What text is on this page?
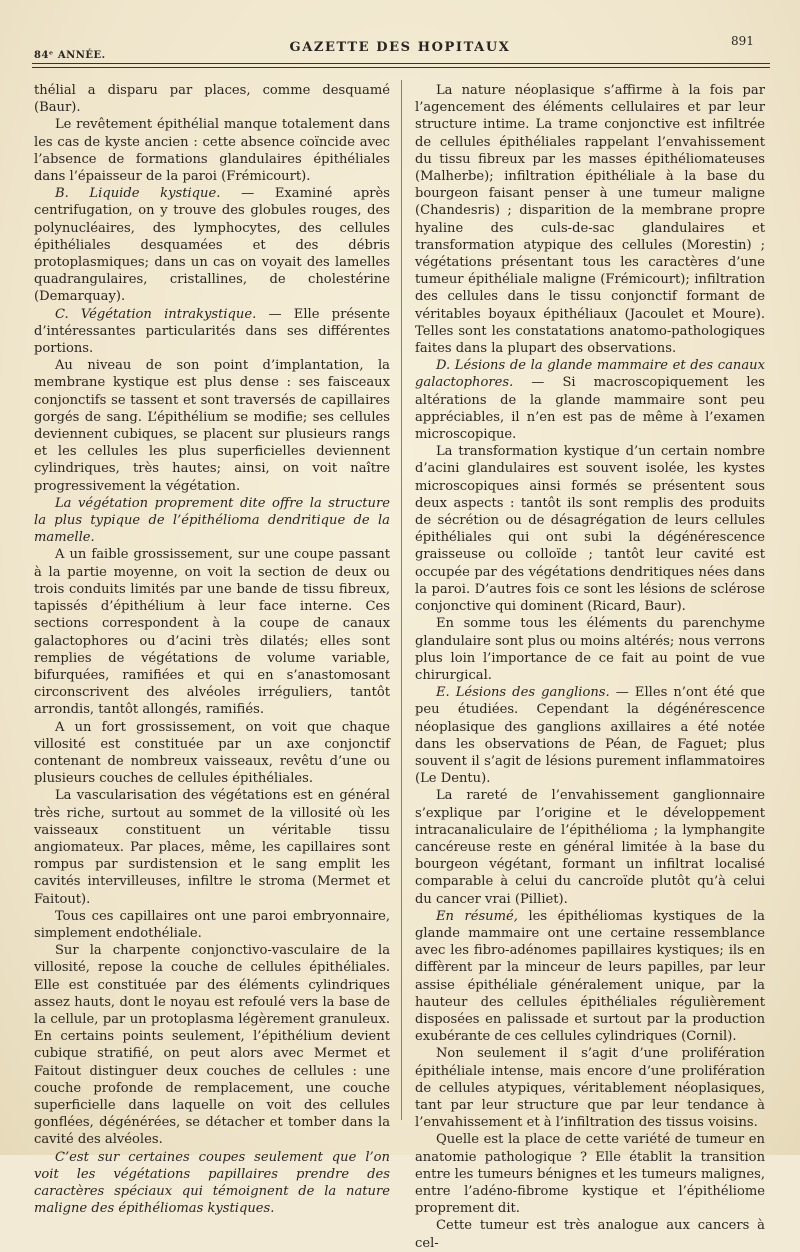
84ᵉ ANNÉE.
GAZETTE DES HOPITAUX	891

thélial a disparu par places, comme desquamé (Baur).

Le revêtement épithélial manque totalement dans les cas de kyste ancien : cette absence coïncide avec l’absence de formations glandulaires épithéliales dans l’épaisseur de la paroi (Frémicourt).

B. Liquide kystique. — Examiné après centrifugation, on y trouve des globules rouges, des polynucléaires, des lymphocytes, des cellules épithéliales desquamées et des débris protoplasmiques; dans un cas on voyait des lamelles quadrangulaires, cristallines, de cholestérine (Demarquay).

C. Végétation intrakystique. — Elle présente d’intéressantes particularités dans ses différentes portions.

Au niveau de son point d’implantation, la membrane kystique est plus dense : ses faisceaux conjonctifs se tassent et sont traversés de capillaires gorgés de sang. L’épithélium se modifie; ses cellules deviennent cubiques, se placent sur plusieurs rangs et les cellules les plus superficielles deviennent cylindriques, très hautes; ainsi, on voit naître progressivement la végétation.

La végétation proprement dite offre la structure la plus typique de l’épithélioma dendritique de la mamelle.

A un faible grossissement, sur une coupe passant à la partie moyenne, on voit la section de deux ou trois conduits limités par une bande de tissu fibreux, tapissés d’épithélium à leur face interne. Ces sections correspondent à la coupe de canaux galactophores ou d’acini très dilatés; elles sont remplies de végétations de volume variable, bifurquées, ramifiées et qui en s’anastomosant circonscrivent des alvéoles irréguliers, tantôt arrondis, tantôt allongés, ramifiés.

A un fort grossissement, on voit que chaque villosité est constituée par un axe conjonctif contenant de nombreux vaisseaux, revêtu d’une ou plusieurs couches de cellules épithéliales.

La vascularisation des végétations est en général très riche, surtout au sommet de la villosité où les vaisseaux constituent un véritable tissu angiomateux. Par places, même, les capillaires sont rompus par surdistension et le sang emplit les cavités intervilleuses, infiltre le stroma (Mermet et Faitout).

Tous ces capillaires ont une paroi embryonnaire, simplement endothéliale.

Sur la charpente conjonctivo-vasculaire de la villosité, repose la couche de cellules épithéliales. Elle est constituée par des éléments cylindriques assez hauts, dont le noyau est refoulé vers la base de la cellule, par un protoplasma légèrement granuleux. En certains points seulement, l’épithélium devient cubique stratifié, on peut alors avec Mermet et Faitout distinguer deux couches de cellules : une couche profonde de remplacement, une couche superficielle dans laquelle on voit des cellules gonflées, dégénérées, se détacher et tomber dans la cavité des alvéoles.

C’est sur certaines coupes seulement que l’on voit les végétations papillaires prendre des caractères spéciaux qui témoignent de la nature maligne des épithéliomas kystiques.

La nature néoplasique s’affirme à la fois par l’agencement des éléments cellulaires et par leur structure intime. La trame conjonctive est infiltrée de cellules épithéliales rappelant l’envahissement du tissu fibreux par les masses épithéliomateuses (Malherbe); infiltration épithéliale à la base du bourgeon faisant penser à une tumeur maligne (Chandesris) ; disparition de la membrane propre hyaline des culs-de-sac glandulaires et transformation atypique des cellules (Morestin) ; végétations présentant tous les caractères d’une tumeur épithéliale maligne (Frémicourt); infiltration des cellules dans le tissu conjonctif formant de véritables boyaux épithéliaux (Jacoulet et Moure). Telles sont les constatations anatomo-pathologiques faites dans la plupart des observations.

D. Lésions de la glande mammaire et des canaux galactophores. — Si macroscopiquement les altérations de la glande mammaire sont peu appréciables, il n’en est pas de même à l’examen microscopique.

La transformation kystique d’un certain nombre d’acini glandulaires est souvent isolée, les kystes microscopiques ainsi formés se présentent sous deux aspects : tantôt ils sont remplis des produits de sécrétion ou de désagrégation de leurs cellules épithéliales qui ont subi la dégénérescence graisseuse ou colloïde ; tantôt leur cavité est occupée par des végétations dendritiques nées dans la paroi. D’autres fois ce sont les lésions de sclérose conjonctive qui dominent (Ricard, Baur).

En somme tous les éléments du parenchyme glandulaire sont plus ou moins altérés; nous verrons plus loin l’importance de ce fait au point de vue chirurgical.

E. Lésions des ganglions. — Elles n’ont été que peu étudiées. Cependant la dégénérescence néoplasique des ganglions axillaires a été notée dans les observations de Péan, de Faguet; plus souvent il s’agit de lésions purement inflammatoires (Le Dentu).

La rareté de l’envahissement ganglionnaire s’explique par l’origine et le développement intracanaliculaire de l’épithélioma ; la lymphangite cancéreuse reste en général limitée à la base du bourgeon végétant, formant un infiltrat localisé comparable à celui du cancroïde plutôt qu’à celui du cancer vrai (Pilliet).

En résumé, les épithéliomas kystiques de la glande mammaire ont une certaine ressemblance avec les fibro-adénomes papillaires kystiques; ils en diffèrent par la minceur de leurs papilles, par leur assise épithéliale généralement unique, par la hauteur des cellules épithéliales régulièrement disposées en palissade et surtout par la production exubérante de ces cellules cylindriques (Cornil).

Non seulement il s’agit d’une prolifération épithéliale intense, mais encore d’une prolifération de cellules atypiques, véritablement néoplasiques, tant par leur structure que par leur tendance à l’envahissement et à l’infiltration des tissus voisins.

Quelle est la place de cette variété de tumeur en anatomie pathologique ? Elle établit la transition entre les tumeurs bénignes et les tumeurs malignes, entre l’adéno-fibrome kystique et l’épithéliome proprement dit.

Cette tumeur est très analogue aux cancers à cel-
